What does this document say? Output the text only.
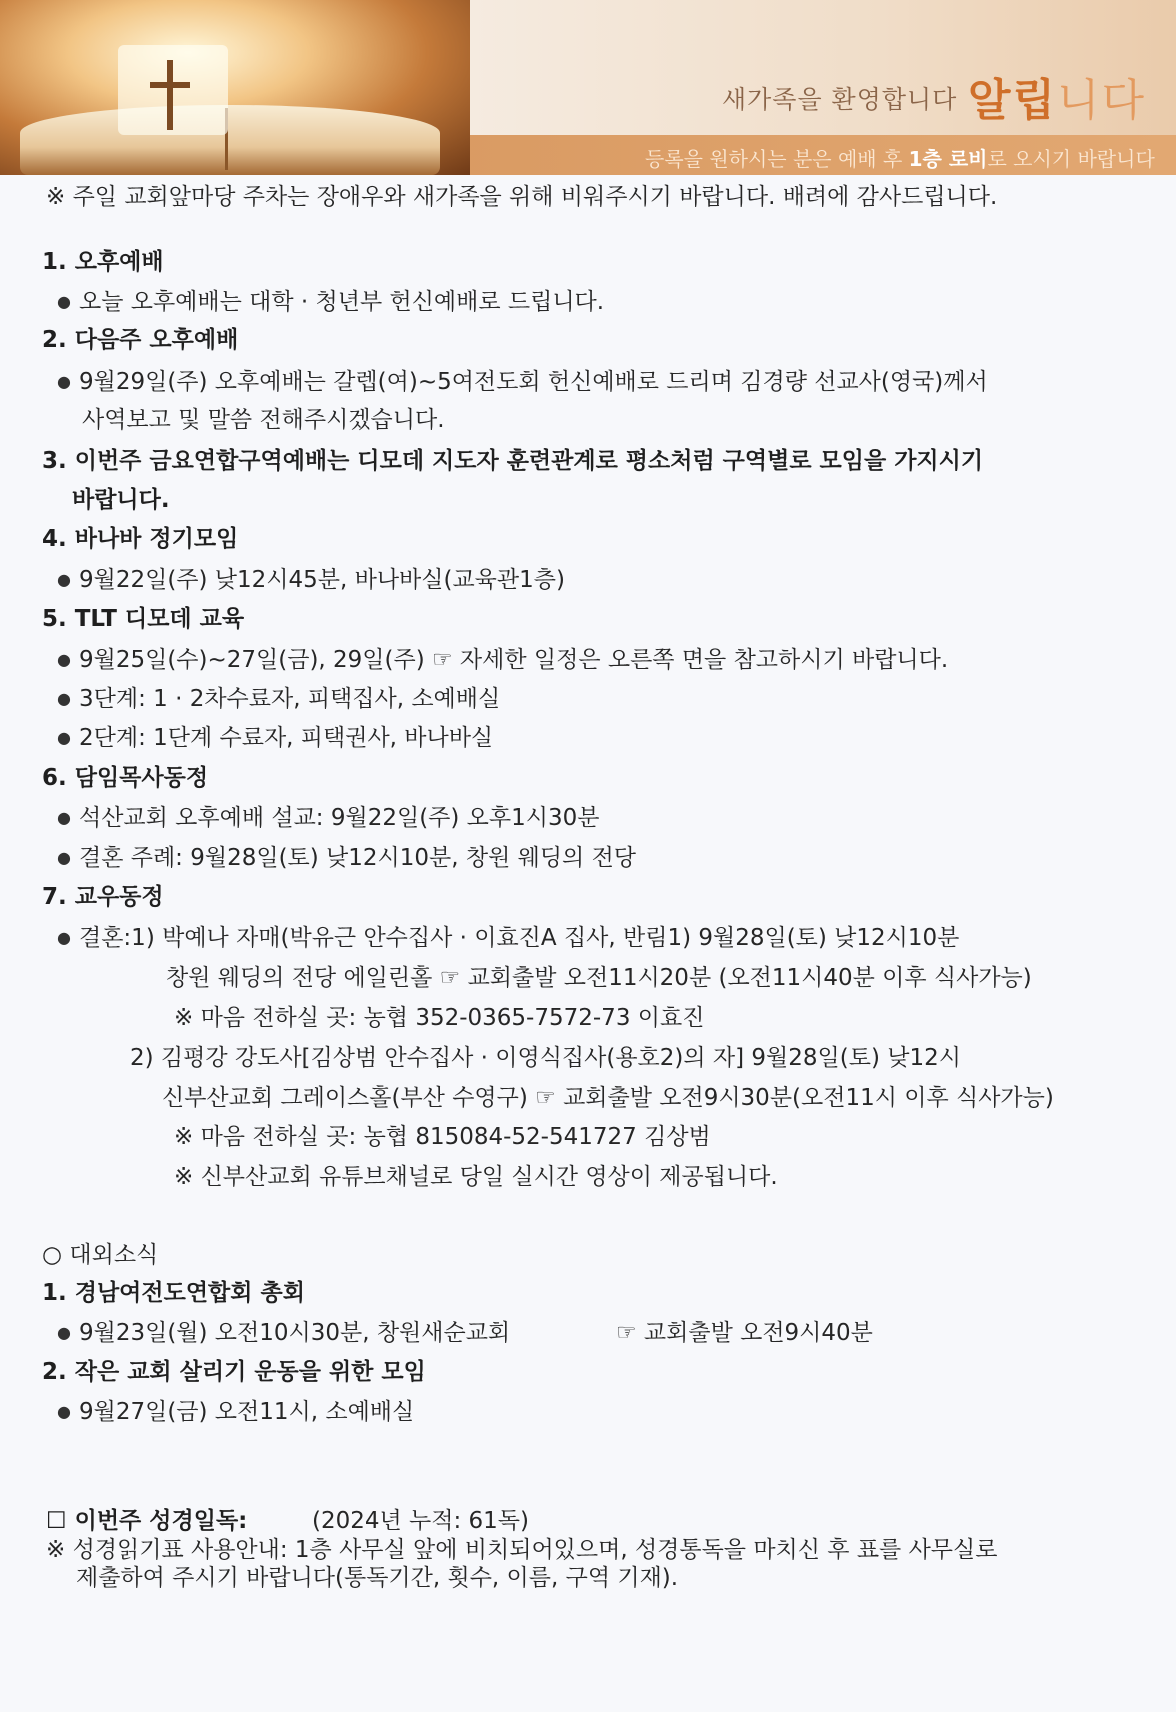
새가족을 환영합니다 알립니다
등록을 원하시는 분은 예배 후 1층 로비로 오시기 바랍니다
※ 주일 교회앞마당 주차는 장애우와 새가족을 위해 비워주시기 바랍니다. 배려에 감사드립니다.
1. 오후예배
● 오늘 오후예배는 대학 · 청년부 헌신예배로 드립니다.
2. 다음주 오후예배
● 9월29일(주) 오후예배는 갈렙(여)~5여전도회 헌신예배로 드리며 김경량 선교사(영국)께서
사역보고 및 말씀 전해주시겠습니다.
3. 이번주 금요연합구역예배는 디모데 지도자 훈련관계로 평소처럼 구역별로 모임을 가지시기
바랍니다.
4. 바나바 정기모임
● 9월22일(주) 낮12시45분, 바나바실(교육관1층)
5. TLT 디모데 교육
● 9월25일(수)~27일(금), 29일(주) ☞ 자세한 일정은 오른쪽 면을 참고하시기 바랍니다.
● 3단계: 1 · 2차수료자, 피택집사, 소예배실
● 2단계: 1단계 수료자, 피택권사, 바나바실
6. 담임목사동정
● 석산교회 오후예배 설교: 9월22일(주) 오후1시30분
● 결혼 주례: 9월28일(토) 낮12시10분, 창원 웨딩의 전당
7. 교우동정
● 결혼:1) 박예나 자매(박유근 안수집사 · 이효진A 집사, 반림1) 9월28일(토) 낮12시10분
창원 웨딩의 전당 에일린홀 ☞ 교회출발 오전11시20분 (오전11시40분 이후 식사가능)
※ 마음 전하실 곳: 농협 352-0365-7572-73 이효진
2) 김평강 강도사[김상범 안수집사 · 이영식집사(용호2)의 자] 9월28일(토) 낮12시
신부산교회 그레이스홀(부산 수영구) ☞ 교회출발 오전9시30분(오전11시 이후 식사가능)
※ 마음 전하실 곳: 농협 815084-52-541727 김상범
※ 신부산교회 유튜브채널로 당일 실시간 영상이 제공됩니다.
○ 대외소식
1. 경남여전도연합회 총회
● 9월23일(월) 오전10시30분, 창원새순교회	☞ 교회출발 오전9시40분
2. 작은 교회 살리기 운동을 위한 모임
● 9월27일(금) 오전11시, 소예배실
☐ 이번주 성경일독:	(2024년 누적: 61독)
※ 성경읽기표 사용안내: 1층 사무실 앞에 비치되어있으며, 성경통독을 마치신 후 표를 사무실로
제출하여 주시기 바랍니다(통독기간, 횟수, 이름, 구역 기재).
